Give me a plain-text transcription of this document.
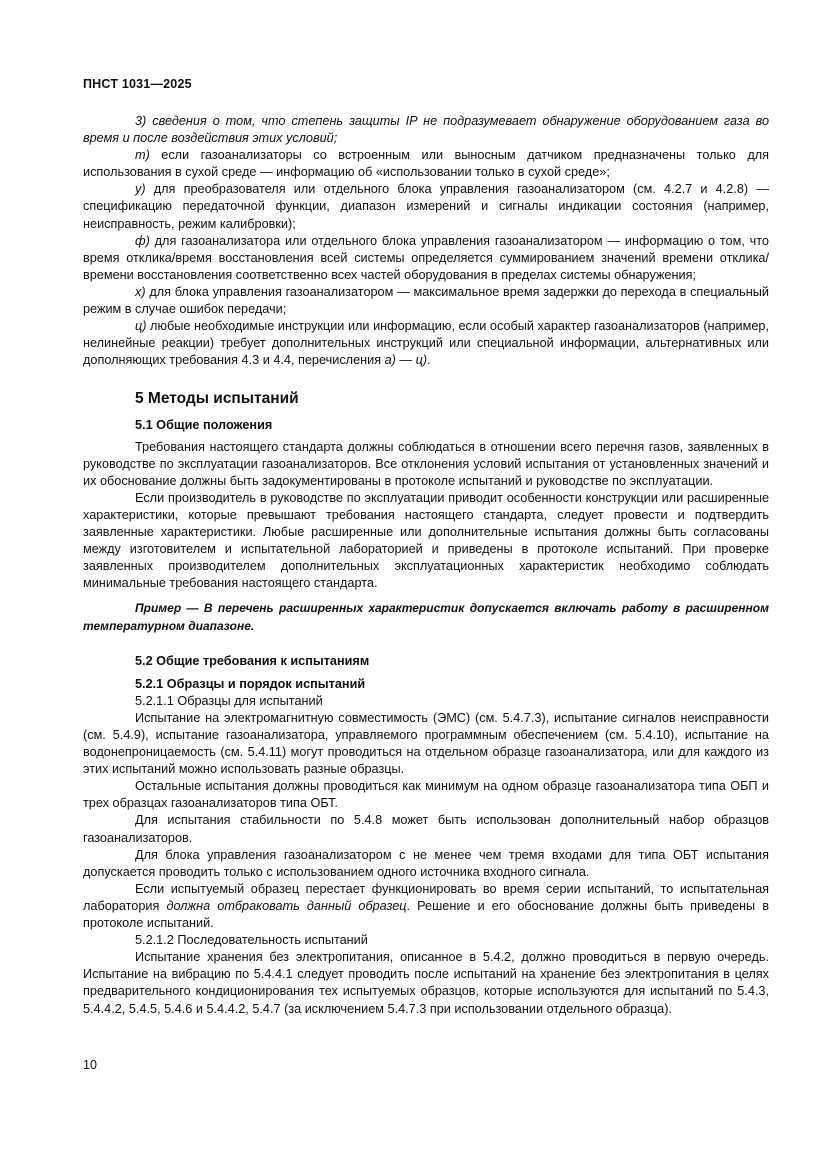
ПНСТ 1031—2025

3) сведения о том, что степень защиты IP не подразумевает обнаружение оборудованием газа во время и после воздействия этих условий;

т) если газоанализаторы со встроенным или выносным датчиком предназначены только для использования в сухой среде — информацию об «использовании только в сухой среде»;

у) для преобразователя или отдельного блока управления газоанализатором (см. 4.2.7 и 4.2.8) — спецификацию передаточной функции, диапазон измерений и сигналы индикации состояния (например, неисправность, режим калибровки);

ф) для газоанализатора или отдельного блока управления газоанализатором — информацию о том, что время отклика/время восстановления всей системы определяется суммированием значений времени отклика/времени восстановления соответственно всех частей оборудования в пределах системы обнаружения;

х) для блока управления газоанализатором — максимальное время задержки до перехода в специальный режим в случае ошибок передачи;

ц) любые необходимые инструкции или информацию, если особый характер газоанализаторов (например, нелинейные реакции) требует дополнительных инструкций или специальной информации, альтернативных или дополняющих требования 4.3 и 4.4, перечисления а) — ц).

5 Методы испытаний

5.1 Общие положения

Требования настоящего стандарта должны соблюдаться в отношении всего перечня газов, заявленных в руководстве по эксплуатации газоанализаторов. Все отклонения условий испытания от установленных значений и их обоснование должны быть задокументированы в протоколе испытаний и руководстве по эксплуатации.

Если производитель в руководстве по эксплуатации приводит особенности конструкции или расширенные характеристики, которые превышают требования настоящего стандарта, следует провести и подтвердить заявленные характеристики. Любые расширенные или дополнительные испытания должны быть согласованы между изготовителем и испытательной лабораторией и приведены в протоколе испытаний. При проверке заявленных производителем дополнительных эксплуатационных характеристик необходимо соблюдать минимальные требования настоящего стандарта.

Пример — В перечень расширенных характеристик допускается включать работу в расширенном температурном диапазоне.

5.2 Общие требования к испытаниям

5.2.1 Образцы и порядок испытаний

5.2.1.1 Образцы для испытаний

Испытание на электромагнитную совместимость (ЭМС) (см. 5.4.7.3), испытание сигналов неисправности (см. 5.4.9), испытание газоанализатора, управляемого программным обеспечением (см. 5.4.10), испытание на водонепроницаемость (см. 5.4.11) могут проводиться на отдельном образце газоанализатора, или для каждого из этих испытаний можно использовать разные образцы.

Остальные испытания должны проводиться как минимум на одном образце газоанализатора типа ОБП и трех образцах газоанализаторов типа ОБТ.

Для испытания стабильности по 5.4.8 может быть использован дополнительный набор образцов газоанализаторов.

Для блока управления газоанализатором с не менее чем тремя входами для типа ОБТ испытания допускается проводить только с использованием одного источника входного сигнала.

Если испытуемый образец перестает функционировать во время серии испытаний, то испытательная лаборатория должна отбраковать данный образец. Решение и его обоснование должны быть приведены в протоколе испытаний.

5.2.1.2 Последовательность испытаний

Испытание хранения без электропитания, описанное в 5.4.2, должно проводиться в первую очередь. Испытание на вибрацию по 5.4.4.1 следует проводить после испытаний на хранение без электропитания в целях предварительного кондиционирования тех испытуемых образцов, которые используются для испытаний по 5.4.3, 5.4.4.2, 5.4.5, 5.4.6 и 5.4.4.2, 5.4.7 (за исключением 5.4.7.3 при использовании отдельного образца).

10
